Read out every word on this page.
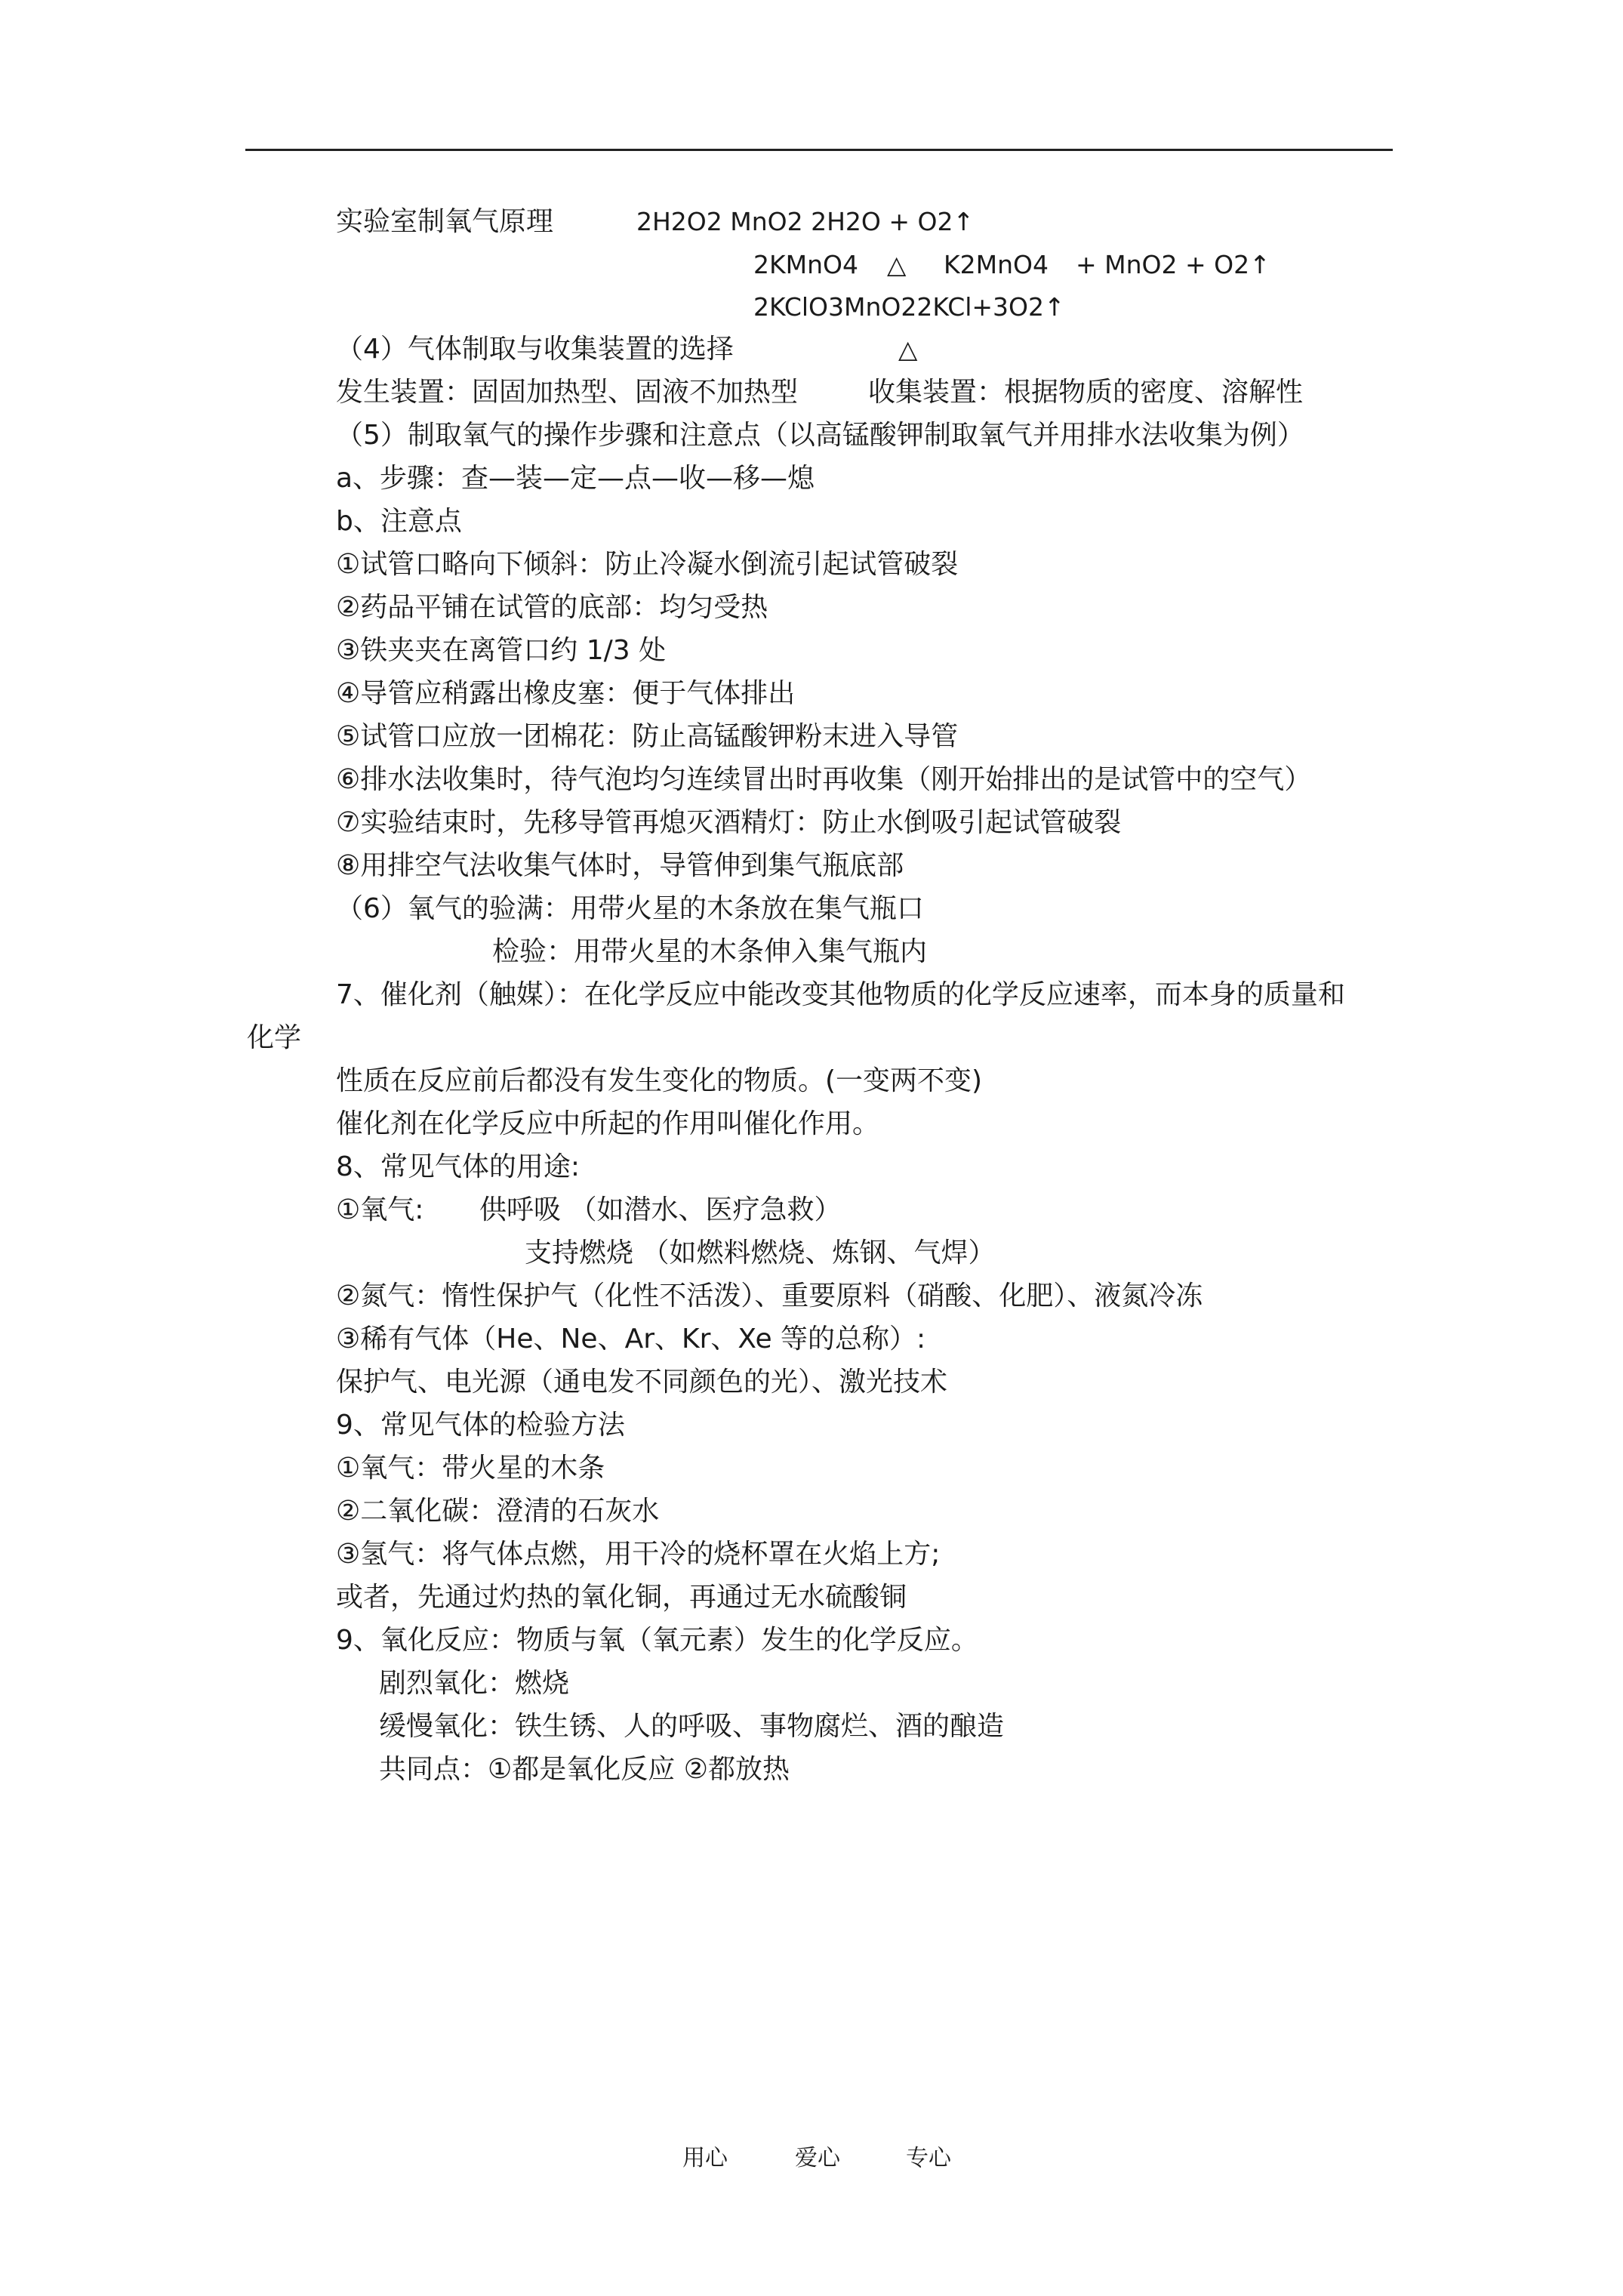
实验室制氧气原理	2H2O2 MnO2 2H2O + O2↑
2KMnO4 △ K2MnO4 + MnO2 + O2↑
2KClO3MnO22KCl+3O2↑
△
（4）气体制取与收集装置的选择
发生装置：固固加热型、固液不加热型	收集装置：根据物质的密度、溶解性
（5）制取氧气的操作步骤和注意点（以高锰酸钾制取氧气并用排水法收集为例）
a、步骤：查—装—定—点—收—移—熄
b、注意点
①试管口略向下倾斜：防止冷凝水倒流引起试管破裂
②药品平铺在试管的底部：均匀受热
③铁夹夹在离管口约 1/3 处
④导管应稍露出橡皮塞：便于气体排出
⑤试管口应放一团棉花：防止高锰酸钾粉末进入导管
⑥排水法收集时，待气泡均匀连续冒出时再收集（刚开始排出的是试管中的空气）
⑦实验结束时，先移导管再熄灭酒精灯：防止水倒吸引起试管破裂
⑧用排空气法收集气体时，导管伸到集气瓶底部
（6）氧气的验满：用带火星的木条放在集气瓶口
检验：用带火星的木条伸入集气瓶内
7、催化剂（触媒）：在化学反应中能改变其他物质的化学反应速率，而本身的质量和
化学
性质在反应前后都没有发生变化的物质。(一变两不变)
催化剂在化学反应中所起的作用叫催化作用。
8、常见气体的用途:
①氧气: 供呼吸 （如潜水、医疗急救）
支持燃烧 （如燃料燃烧、炼钢、气焊）
②氮气：惰性保护气（化性不活泼）、重要原料（硝酸、化肥）、液氮冷冻
③稀有气体（He、Ne、Ar、Kr、Xe 等的总称）:
保护气、电光源（通电发不同颜色的光）、激光技术
9、常见气体的检验方法
①氧气：带火星的木条
②二氧化碳：澄清的石灰水
③氢气：将气体点燃，用干冷的烧杯罩在火焰上方;
或者，先通过灼热的氧化铜，再通过无水硫酸铜
9、氧化反应：物质与氧（氧元素）发生的化学反应。
剧烈氧化：燃烧
缓慢氧化：铁生锈、人的呼吸、事物腐烂、酒的酿造
共同点：①都是氧化反应 ②都放热
用心	爱心	专心
